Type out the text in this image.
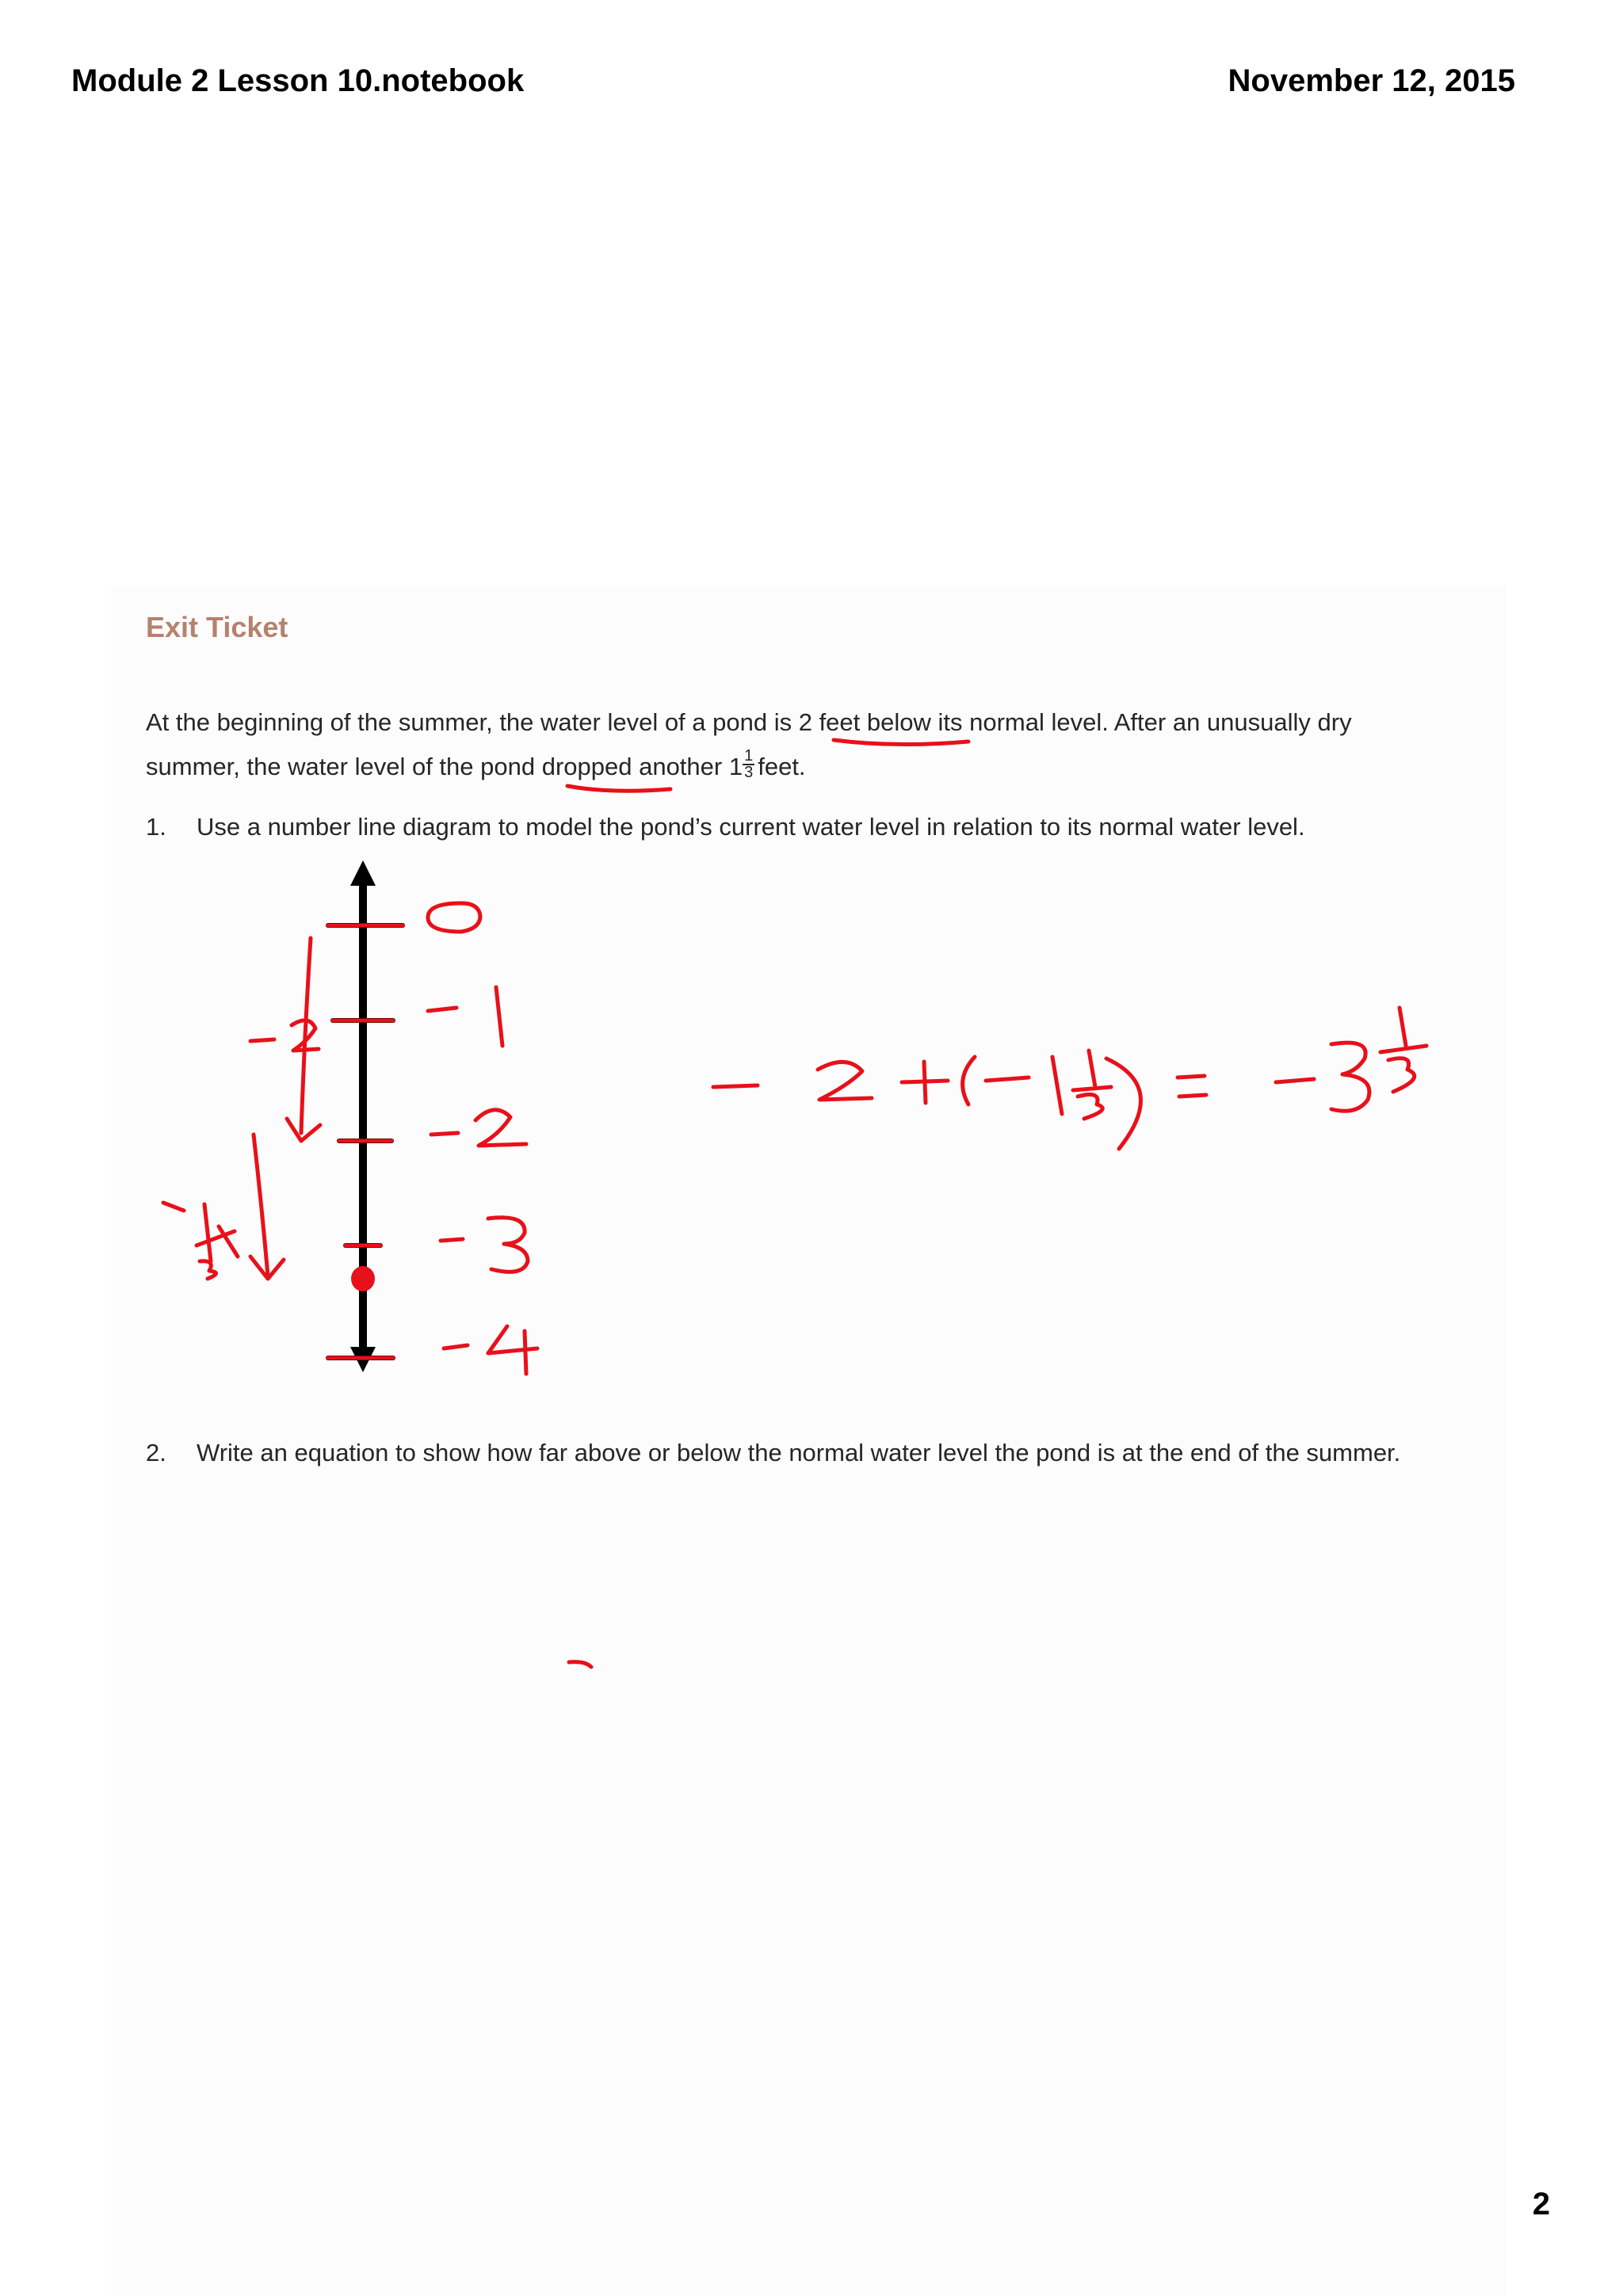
Module 2 Lesson 10.notebook	November 12, 2015
Exit Ticket
At the beginning of the summer, the water level of a pond is 2 feet below its normal level. After an unusually dry
summer, the water level of the pond dropped another $1 \frac{1}{3}$ feet.
1. Use a number line diagram to model the pond’s current water level in relation to its normal water level.
2. Write an equation to show how far above or below the normal water level the pond is at the end of the summer.
2
